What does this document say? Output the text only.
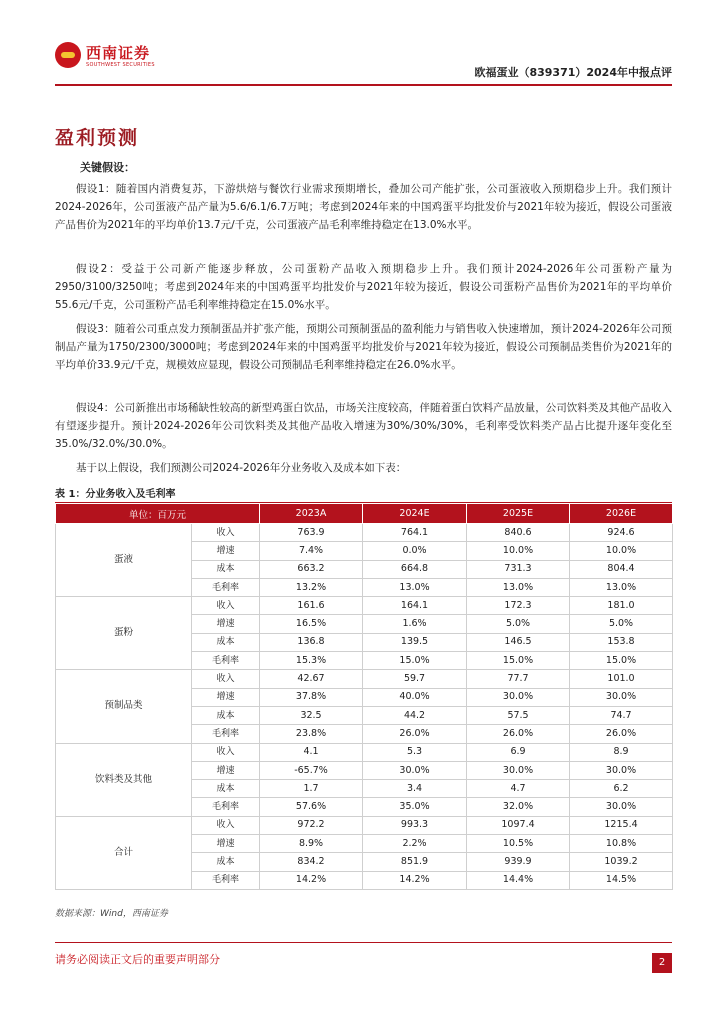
西南证券
SOUTHWEST SECURITIES
欧福蛋业（839371）2024年中报点评
盈利预测
关键假设：

假设1：随着国内消费复苏，下游烘焙与餐饮行业需求预期增长，叠加公司产能扩张，公司蛋液收入预期稳步上升。我们预计2024-2026年，公司蛋液产品产量为5.6/6.1/6.7万吨；考虑到2024年来的中国鸡蛋平均批发价与2021年较为接近，假设公司蛋液产品售价为2021年的平均单价13.7元/千克，公司蛋液产品毛利率维持稳定在13.0%水平。

假设2：受益于公司新产能逐步释放，公司蛋粉产品收入预期稳步上升。我们预计2024-2026年公司蛋粉产量为2950/3100/3250吨；考虑到2024年来的中国鸡蛋平均批发价与2021年较为接近，假设公司蛋粉产品售价为2021年的平均单价55.6元/千克，公司蛋粉产品毛利率维持稳定在15.0%水平。

假设3：随着公司重点发力预制蛋品并扩张产能，预期公司预制蛋品的盈利能力与销售收入快速增加，预计2024-2026年公司预制品产量为1750/2300/3000吨；考虑到2024年来的中国鸡蛋平均批发价与2021年较为接近，假设公司预制品类售价为2021年的平均单价33.9元/千克，规模效应显现，假设公司预制品毛利率维持稳定在26.0%水平。

假设4：公司新推出市场稀缺性较高的新型鸡蛋白饮品，市场关注度较高，伴随着蛋白饮料产品放量，公司饮料类及其他产品收入有望逐步提升。预计2024-2026年公司饮料类及其他产品收入增速为30%/30%/30%，毛利率受饮料类产品占比提升逐年变化至35.0%/32.0%/30.0%。

基于以上假设，我们预测公司2024-2026年分业务收入及成本如下表：

表 1：分业务收入及毛利率
单位：百万元		2023A	2024E	2025E	2026E
蛋液	收入	763.9	764.1	840.6	924.6
	增速	7.4%	0.0%	10.0%	10.0%
	成本	663.2	664.8	731.3	804.4
	毛利率	13.2%	13.0%	13.0%	13.0%
蛋粉	收入	161.6	164.1	172.3	181.0
	增速	16.5%	1.6%	5.0%	5.0%
	成本	136.8	139.5	146.5	153.8
	毛利率	15.3%	15.0%	15.0%	15.0%
预制品类	收入	42.67	59.7	77.7	101.0
	增速	37.8%	40.0%	30.0%	30.0%
	成本	32.5	44.2	57.5	74.7
	毛利率	23.8%	26.0%	26.0%	26.0%
饮料类及其他	收入	4.1	5.3	6.9	8.9
	增速	-65.7%	30.0%	30.0%	30.0%
	成本	1.7	3.4	4.7	6.2
	毛利率	57.6%	35.0%	32.0%	30.0%
合计	收入	972.2	993.3	1097.4	1215.4
	增速	8.9%	2.2%	10.5%	10.8%
	成本	834.2	851.9	939.9	1039.2
	毛利率	14.2%	14.2%	14.4%	14.5%
数据来源：Wind，西南证券
请务必阅读正文后的重要声明部分	2
